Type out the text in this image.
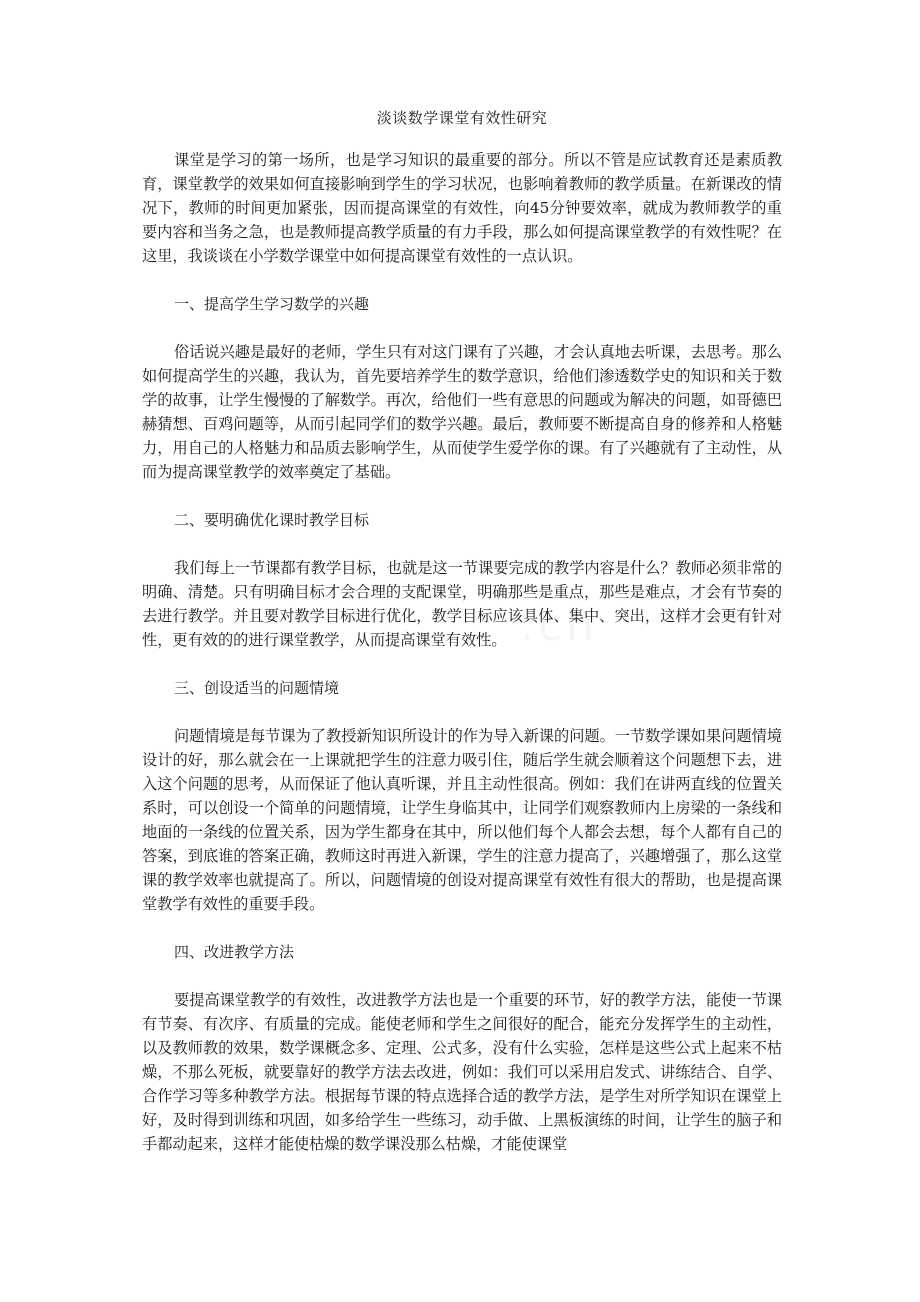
淡谈数学课堂有效性研究

课堂是学习的第一场所，也是学习知识的最重要的部分。所以不管是应试教育还是素质教育，课堂教学的效果如何直接影响到学生的学习状况，也影响着教师的教学质量。在新课改的情况下，教师的时间更加紧张，因而提高课堂的有效性，向45分钟要效率，就成为教师教学的重要内容和当务之急，也是教师提高教学质量的有力手段，那么如何提高课堂教学的有效性呢？在这里，我谈谈在小学数学课堂中如何提高课堂有效性的一点认识。

一、提高学生学习数学的兴趣

俗话说兴趣是最好的老师，学生只有对这门课有了兴趣，才会认真地去听课，去思考。那么如何提高学生的兴趣，我认为，首先要培养学生的数学意识，给他们渗透数学史的知识和关于数学的故事，让学生慢慢的了解数学。再次，给他们一些有意思的问题或为解决的问题，如哥德巴赫猜想、百鸡问题等，从而引起同学们的数学兴趣。最后，教师要不断提高自身的修养和人格魅力，用自己的人格魅力和品质去影响学生，从而使学生爱学你的课。有了兴趣就有了主动性，从而为提高课堂教学的效率奠定了基础。

二、要明确优化课时教学目标

我们每上一节课都有教学目标，也就是这一节课要完成的教学内容是什么？教师必须非常的明确、清楚。只有明确目标才会合理的支配课堂，明确那些是重点，那些是难点，才会有节奏的去进行教学。并且要对教学目标进行优化，教学目标应该具体、集中、突出，这样才会更有针对性，更有效的的进行课堂教学，从而提高课堂有效性。

三、创设适当的问题情境

问题情境是每节课为了教授新知识所设计的作为导入新课的问题。一节数学课如果问题情境设计的好，那么就会在一上课就把学生的注意力吸引住，随后学生就会顺着这个问题想下去，进入这个问题的思考，从而保证了他认真听课，并且主动性很高。例如：我们在讲两直线的位置关系时，可以创设一个简单的问题情境，让学生身临其中，让同学们观察教师内上房梁的一条线和地面的一条线的位置关系，因为学生都身在其中，所以他们每个人都会去想，每个人都有自己的答案，到底谁的答案正确，教师这时再进入新课，学生的注意力提高了，兴趣增强了，那么这堂课的教学效率也就提高了。所以，问题情境的创设对提高课堂有效性有很大的帮助，也是提高课堂教学有效性的重要手段。

四、改进教学方法

要提高课堂教学的有效性，改进教学方法也是一个重要的环节，好的教学方法，能使一节课有节奏、有次序、有质量的完成。能使老师和学生之间很好的配合，能充分发挥学生的主动性，以及教师教的效果，数学课概念多、定理、公式多，没有什么实验，怎样是这些公式上起来不枯燥，不那么死板，就要靠好的教学方法去改进，例如：我们可以采用启发式、讲练结合、自学、合作学习等多种教学方法。根据每节课的特点选择合适的教学方法，是学生对所学知识在课堂上好，及时得到训练和巩固，如多给学生一些练习，动手做、上黑板演练的时间，让学生的脑子和手都动起来，这样才能使枯燥的数学课没那么枯燥，才能使课堂
